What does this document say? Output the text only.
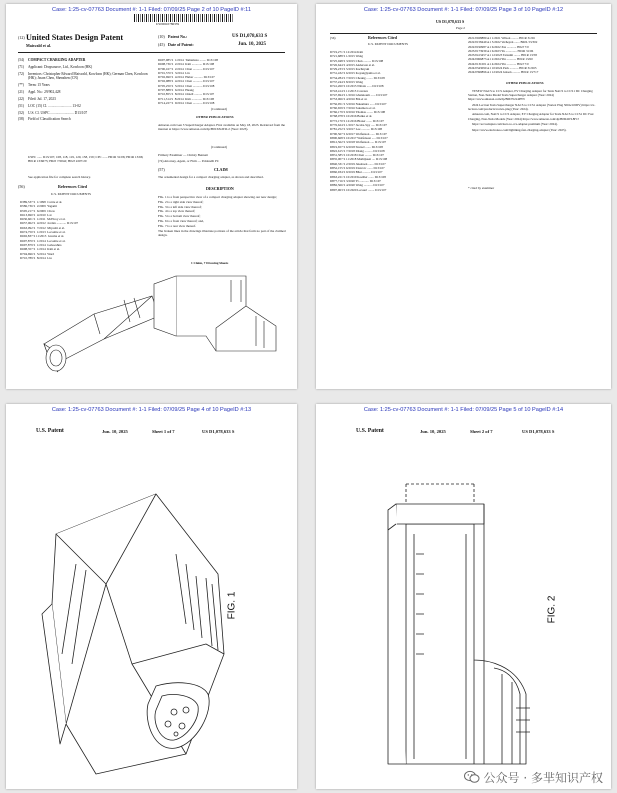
Case: 1:25-cv-07763 Document #: 1-1 Filed: 07/09/25 Page 2 of 10 PageID #:11
US00D1078633S
(12) United States Design Patent
Maisvald et al.
(10) Patent No.:	US D1,078,633 S
(45) Date of Patent:	Jun. 10, 2025
(54)	COMPACT CHARGING ADAPTER
(71)	Applicant: Dropsource, Ltd., Kowloon (HK)
(72)	Inventors: Christopher Edward Maisvald, Kowloon (HK); German Chen, Kowloon (HK); Jason Chen, Shenzhen (CN)
(**)	Term: 15 Years
(21)	Appl. No.: 29/902,428
(22)	Filed: Jul. 17, 2023
(51)	LOC (15) Cl. .......................... 13-02
(52)	U.S. Cl. USPC .......................... D13/107
(58)	Field of Classification Search
USPC ...... D13/107, 108, 118, 119, 120, 158, 159; CPC ...... H01R 31/06; H01R 13/66; H01R 13/6675; H02J 7/0042; H02J 2207/20
See application file for complete search history.
(56)	References Cited
U.S. PATENT DOCUMENTS
D389,537 S  1/1998  Carrie et al.
D586,736 S  2/2009  Yagami
D595,217 S  6/2009  Chow
D613,690 S  4/2010  Lai
D630,601 S  1/2011  McElroy et al.
D657,062 S  4/2012  Jordan ............ D13/107
D663,092 S  7/2012  Miyoshi et al.
D674,750 S  1/2013  Lecomte et al.
D692,837 S 11/2013  Jerome et al.
D697,870 S  1/2014  Lecomte et al.
D697,879 S  1/2014  Gaboeshna
D698,357 S  1/2014  Kim et al.
D704,696 S  5/2014  Ward
D710,789 S  8/2014  Liu
D697,985 S  1/2014  Tamamoto ........ D13/108
D698,736 S  2/2014  Kim ............. D13/108
D700,167 S  2/2014  Chan ............ D13/107
D701,570 S  3/2014  Lin
D702,690 S  4/2014  Huber ........... D13/107
D702,988 S  4/2014  Chen ............ D13/107
D705,250 S  5/2014  Chen ............ D13/108
D707,888 S  6/2014  Huang
D710,855 S  8/2014  Ornell .......... D13/107
D711,314 S  8/2014  Kim ............. D13/108
D714,227 S  9/2014  Chen ............ D13/108
(Continued)
OTHER PUBLICATIONS
Amazon.com Gen 3 SuperCharger Adapter. First available on May 18, 2023. Retrieved from the internet at https://www.amazon.com/dp/B0C6X4T2L2 (Year: 2023).
(Continued)
Primary Examiner — Christy Bennett
(74) Attorney, Agent, or Firm — Polsinelli PC
(57)	CLAIM
The ornamental design for a compact charging adapter, as shown and described.
DESCRIPTION
FIG. 1 is a front perspective view of a compact charging adapter showing our new design;
FIG. 2 is a right side view thereof;
FIG. 3 is a left side view thereof;
FIG. 4 is a top view thereof;
FIG. 5 is a bottom view thereof;
FIG. 6 is a front view thereof; and,
FIG. 7 is a rear view thereof.
The broken lines in the drawings illustrate portions of the article that form no part of the claimed design.
1 Claim, 7 Drawing Sheets
Case: 1:25-cv-07763 Document #: 1-1 Filed: 07/09/25 Page 3 of 10 PageID #:12
US D1,078,633 S
Page 2
(56)	References Cited
U.S. PATENT DOCUMENTS
D719,271 S 12/2014 Kim
D721,688 S 1/2015 Wang
D725,048 S 3/2015 Chan .......... D13/108
D726,644 S 4/2015 Anderson et al.
D729,233 S 5/2015 Kachnyski
D731,432 S 6/2015 Koyangiyama et al.
D734,284 S 7/2015 Cheung ........ D13/108
D737,244 S 8/2015 Wang
D741,260 S 10/2015 Nittala ...... D13/108
D743,414 S 11/2015 Cavezza
D747,694 S 1/2016 Ghannoum ...... D13/107
D753,066 S 4/2016 Bin et al.
D756,951 S 5/2016 Nakamura ...... D13/107
D760,659 S 7/2016 Sakamoto et al.
D766,179 S 9/2016 Thomas ........ D13/108
D768,078 S 10/2016 Banks et al.
D772,170 S 12/2016 Blazer ....... D13/107
D776,624 S 1/2017 Jacobs-Spy ..... D13/107
D781,252 S 3/2017 Lee ........... D13/108
D790,567 S 6/2017 Wolfenson ...... D13/107
D800,668 S 10/2017 Wolfenson ..... D13/107
D812,562 S 3/2018 Wolfenson ..... D13/107
D819,657 S 6/2018 Stursel ....... D13/108
D822,615 S 7/2018 Zhang .......... D13/108
D831,585 S 10/2018 Chen ......... D13/107
D835,007 S 11/2018 Mathijssen .... D13/108
D840,331 S 2/2019 Jakobsen ....... D13/107
D852,155 S 6/2019 Zlatovic ....... D13/107
D860,934 S 9/2019 Bhat .......... D13/107
D863,221 S 10/2019 Koehler ....... D13/108
D877,716 S 3/2020 Yi ............ D13/107
D882,566 S 4/2020 Wang ........... D13/107
D897,963 S 10/2020 Lecourt ........ D13/107
2021/0028880 A1 1/2021 Wilson ......... H01R 31/06
2022/0158449 A1 5/2022 Verheyen ....... B60L 53/302
2022/0190987 A1 6/2022 Xia ............ H02J 7/0
2023/0173939 A1 6/2023 Yu .............. H01R 31/06
2023/0413457 A1 12/2023 Tatsumi ........ H01R 13/58
2024/0066873 A1 2/2024 Yin ............ H01R 13/60
2024/0131001 A1 4/2024 Yin ............ H02J 7/0
2024/0343090 A1 10/2024 Park ........... H01R 31/065
2024/0399896 A1 12/2024 Jensen .......... H01R 13/717
OTHER PUBLICATIONS
TESEW NACS to CCS Adapter, EV Charging Adapter for Tesla NACS to CCS1 DC Charging Station, Non-Tesla Model Tesla Supercharger Adapter (Year: 2024) https://www.amazon.com/dp/B0D7GS4PFN
2024 Lectron Tesla Supercharger NACS to CCS1 Adapter (Vortex Plug 500A/1000V) https://ev-lectron.com/products/vortex-plug (Year: 2024).
Amazon.com, NACS to CCS Adapter, EV Charging Adapter for Tesla NACS to CCS1 DC Fast Charging, Non-Tesla Models (Year: 2024) https://www.amazon.com/dp/B0D4WL8FJJ
https://eccsadapter.com/nacs-to-ccs-adapter-premium (Year: 2024).
https://www.electrokoo.com/lightning-fast-charging-adapter (Year: 2025).
* cited by examiner
Case: 1:25-cv-07763 Document #: 1-1 Filed: 07/09/25 Page 4 of 10 PageID #:13
U.S. Patent	Jun. 10, 2025	Sheet 1 of 7	US D1,078,633 S
FIG. 1
Case: 1:25-cv-07763 Document #: 1-1 Filed: 07/09/25 Page 5 of 10 PageID #:14
U.S. Patent	Jun. 10, 2025	Sheet 2 of 7	US D1,078,633 S
FIG. 2
公众号 · 多芈知识产权
